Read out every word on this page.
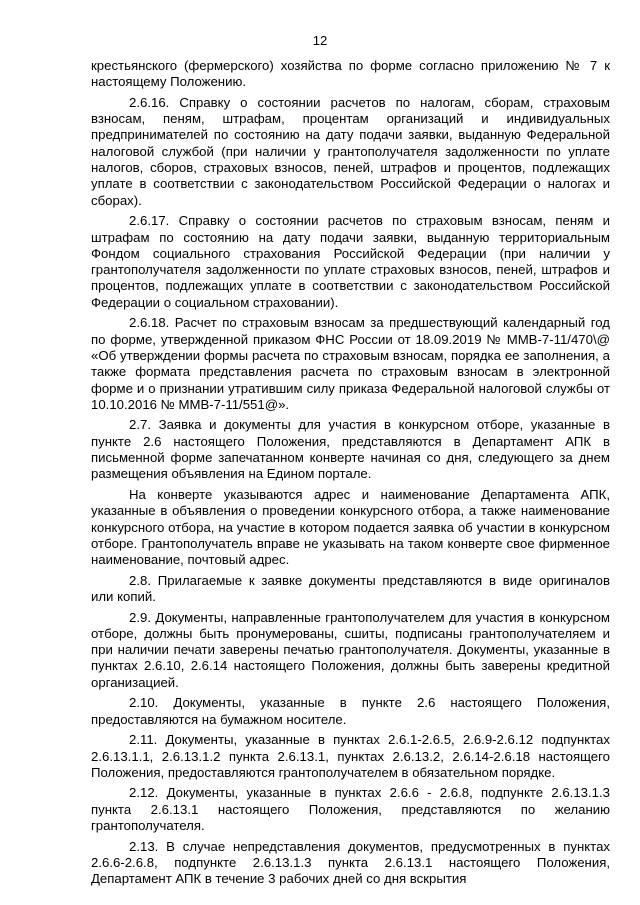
12

крестьянского (фермерского) хозяйства по форме согласно приложению № 7 к настоящему Положению.

2.6.16. Справку о состоянии расчетов по налогам, сборам, страховым взносам, пеням, штрафам, процентам организаций и индивидуальных предпринимателей по состоянию на дату подачи заявки, выданную Федеральной налоговой службой (при наличии у грантополучателя задолженности по уплате налогов, сборов, страховых взносов, пеней, штрафов и процентов, подлежащих уплате в соответствии с законодательством Российской Федерации о налогах и сборах).

2.6.17. Справку о состоянии расчетов по страховым взносам, пеням и штрафам по состоянию на дату подачи заявки, выданную территориальным Фондом социального страхования Российской Федерации (при наличии у грантополучателя задолженности по уплате страховых взносов, пеней, штрафов и процентов, подлежащих уплате в соответствии с законодательством Российской Федерации о социальном страховании).

2.6.18. Расчет по страховым взносам за предшествующий календарный год по форме, утвержденной приказом ФНС России от 18.09.2019 № ММВ-7-11/470\@ «Об утверждении формы расчета по страховым взносам, порядка ее заполнения, а также формата представления расчета по страховым взносам в электронной форме и о признании утратившим силу приказа Федеральной налоговой службы от 10.10.2016 № ММВ-7-11/551@».

2.7. Заявка и документы для участия в конкурсном отборе, указанные в пункте 2.6 настоящего Положения, представляются в Департамент АПК в письменной форме запечатанном конверте начиная со дня, следующего за днем размещения объявления на Едином портале.

На конверте указываются адрес и наименование Департамента АПК, указанные в объявления о проведении конкурсного отбора, а также наименование конкурсного отбора, на участие в котором подается заявка об участии в конкурсном отборе. Грантополучатель вправе не указывать на таком конверте свое фирменное наименование, почтовый адрес.

2.8. Прилагаемые к заявке документы представляются в виде оригиналов или копий.

2.9. Документы, направленные грантополучателем для участия в конкурсном отборе, должны быть пронумерованы, сшиты, подписаны грантополучателяем и при наличии печати заверены печатью грантополучателя. Документы, указанные в пунктах 2.6.10, 2.6.14 настоящего Положения, должны быть заверены кредитной организацией.

2.10. Документы, указанные в пункте 2.6 настоящего Положения, предоставляются на бумажном носителе.

2.11. Документы, указанные в пунктах 2.6.1-2.6.5, 2.6.9-2.6.12 подпунктах 2.6.13.1.1, 2.6.13.1.2 пункта 2.6.13.1, пунктах 2.6.13.2, 2.6.14-2.6.18 настоящего Положения, предоставляются грантополучателем в обязательном порядке.

2.12. Документы, указанные в пунктах 2.6.6 - 2.6.8, подпункте 2.6.13.1.3 пункта 2.6.13.1 настоящего Положения, представляются по желанию грантополучателя.

2.13. В случае непредставления документов, предусмотренных в пунктах 2.6.6-2.6.8, подпункте 2.6.13.1.3 пункта 2.6.13.1 настоящего Положения, Департамент АПК в течение 3 рабочих дней со дня вскрытия
